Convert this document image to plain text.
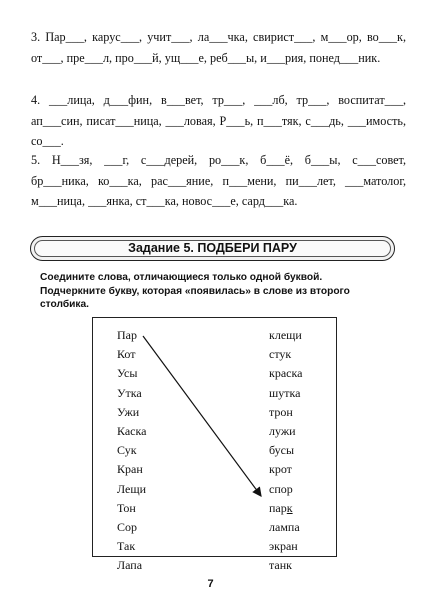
3. Пар___, карус___, учит___, ла___чка, свирист___, м___ор, во___к, от___, пре___л, про___й, ущ___е, реб___ы, и___рия, понед___ник.
4. ___лица, д___фин, в___вет, тр___, ___лб, тр___, воспитат___, ап___син, писат___ница, ___ловая, Р___ь, п___тяк, с___дь, ___имость, со___.
5. Н___зя, ___г, с___дерей, ро___к, б___ё, б___ы, с___совет, бр___ника, ко___ка, рас___яние, п___мени, пи___лет, ___матолог, м___ница, ___янка, ст___ка, новос___е, сард___ка.
Задание 5. ПОДБЕРИ ПАРУ
Соедините слова, отличающиеся только одной буквой. Подчеркните букву, которая «появилась» в слове из второго столбика.
Пар
Кот
Усы
Утка
Ужи
Каска
Сук
Кран
Лещи
Тон
Сор
Так
Лапа
клещи
стук
краска
шутка
трон
лужи
бусы
крот
спор
парк
лампа
экран
танк
7
